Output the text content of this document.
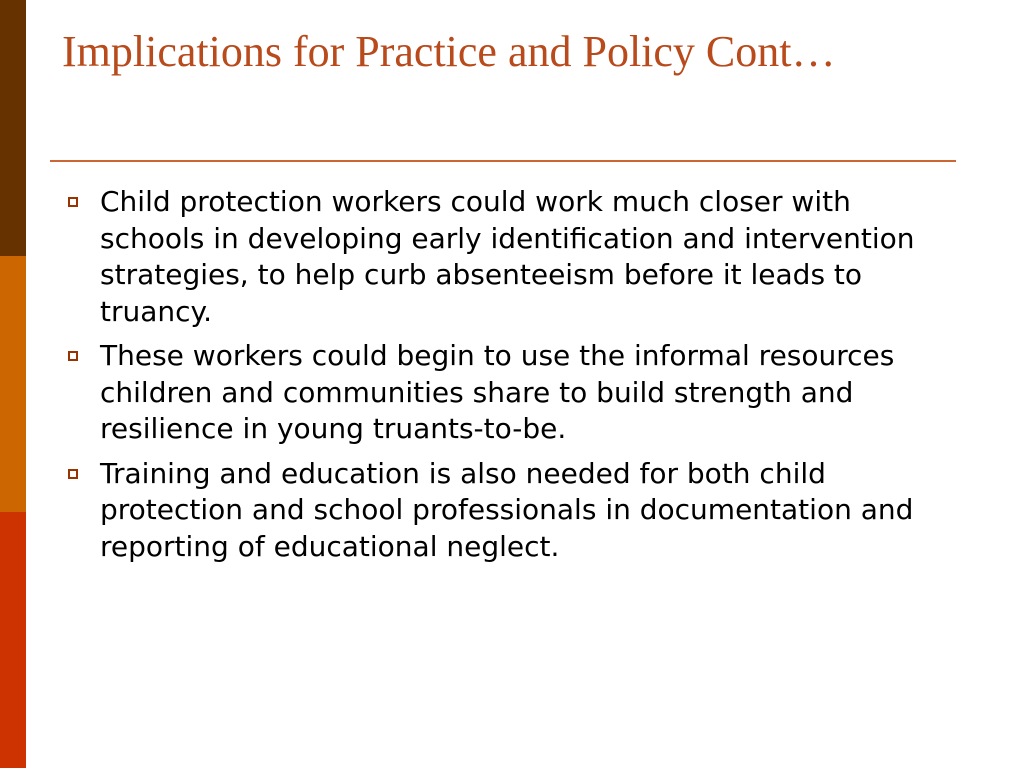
Implications for Practice and Policy Cont…
Child protection workers could work much closer with schools in developing early identification and intervention strategies, to help curb absenteeism before it leads to truancy.
These workers could begin to use the informal resources children and communities share to build strength and resilience in young truants-to-be.
Training and education is also needed for both child protection and school professionals in documentation and reporting of educational neglect.
